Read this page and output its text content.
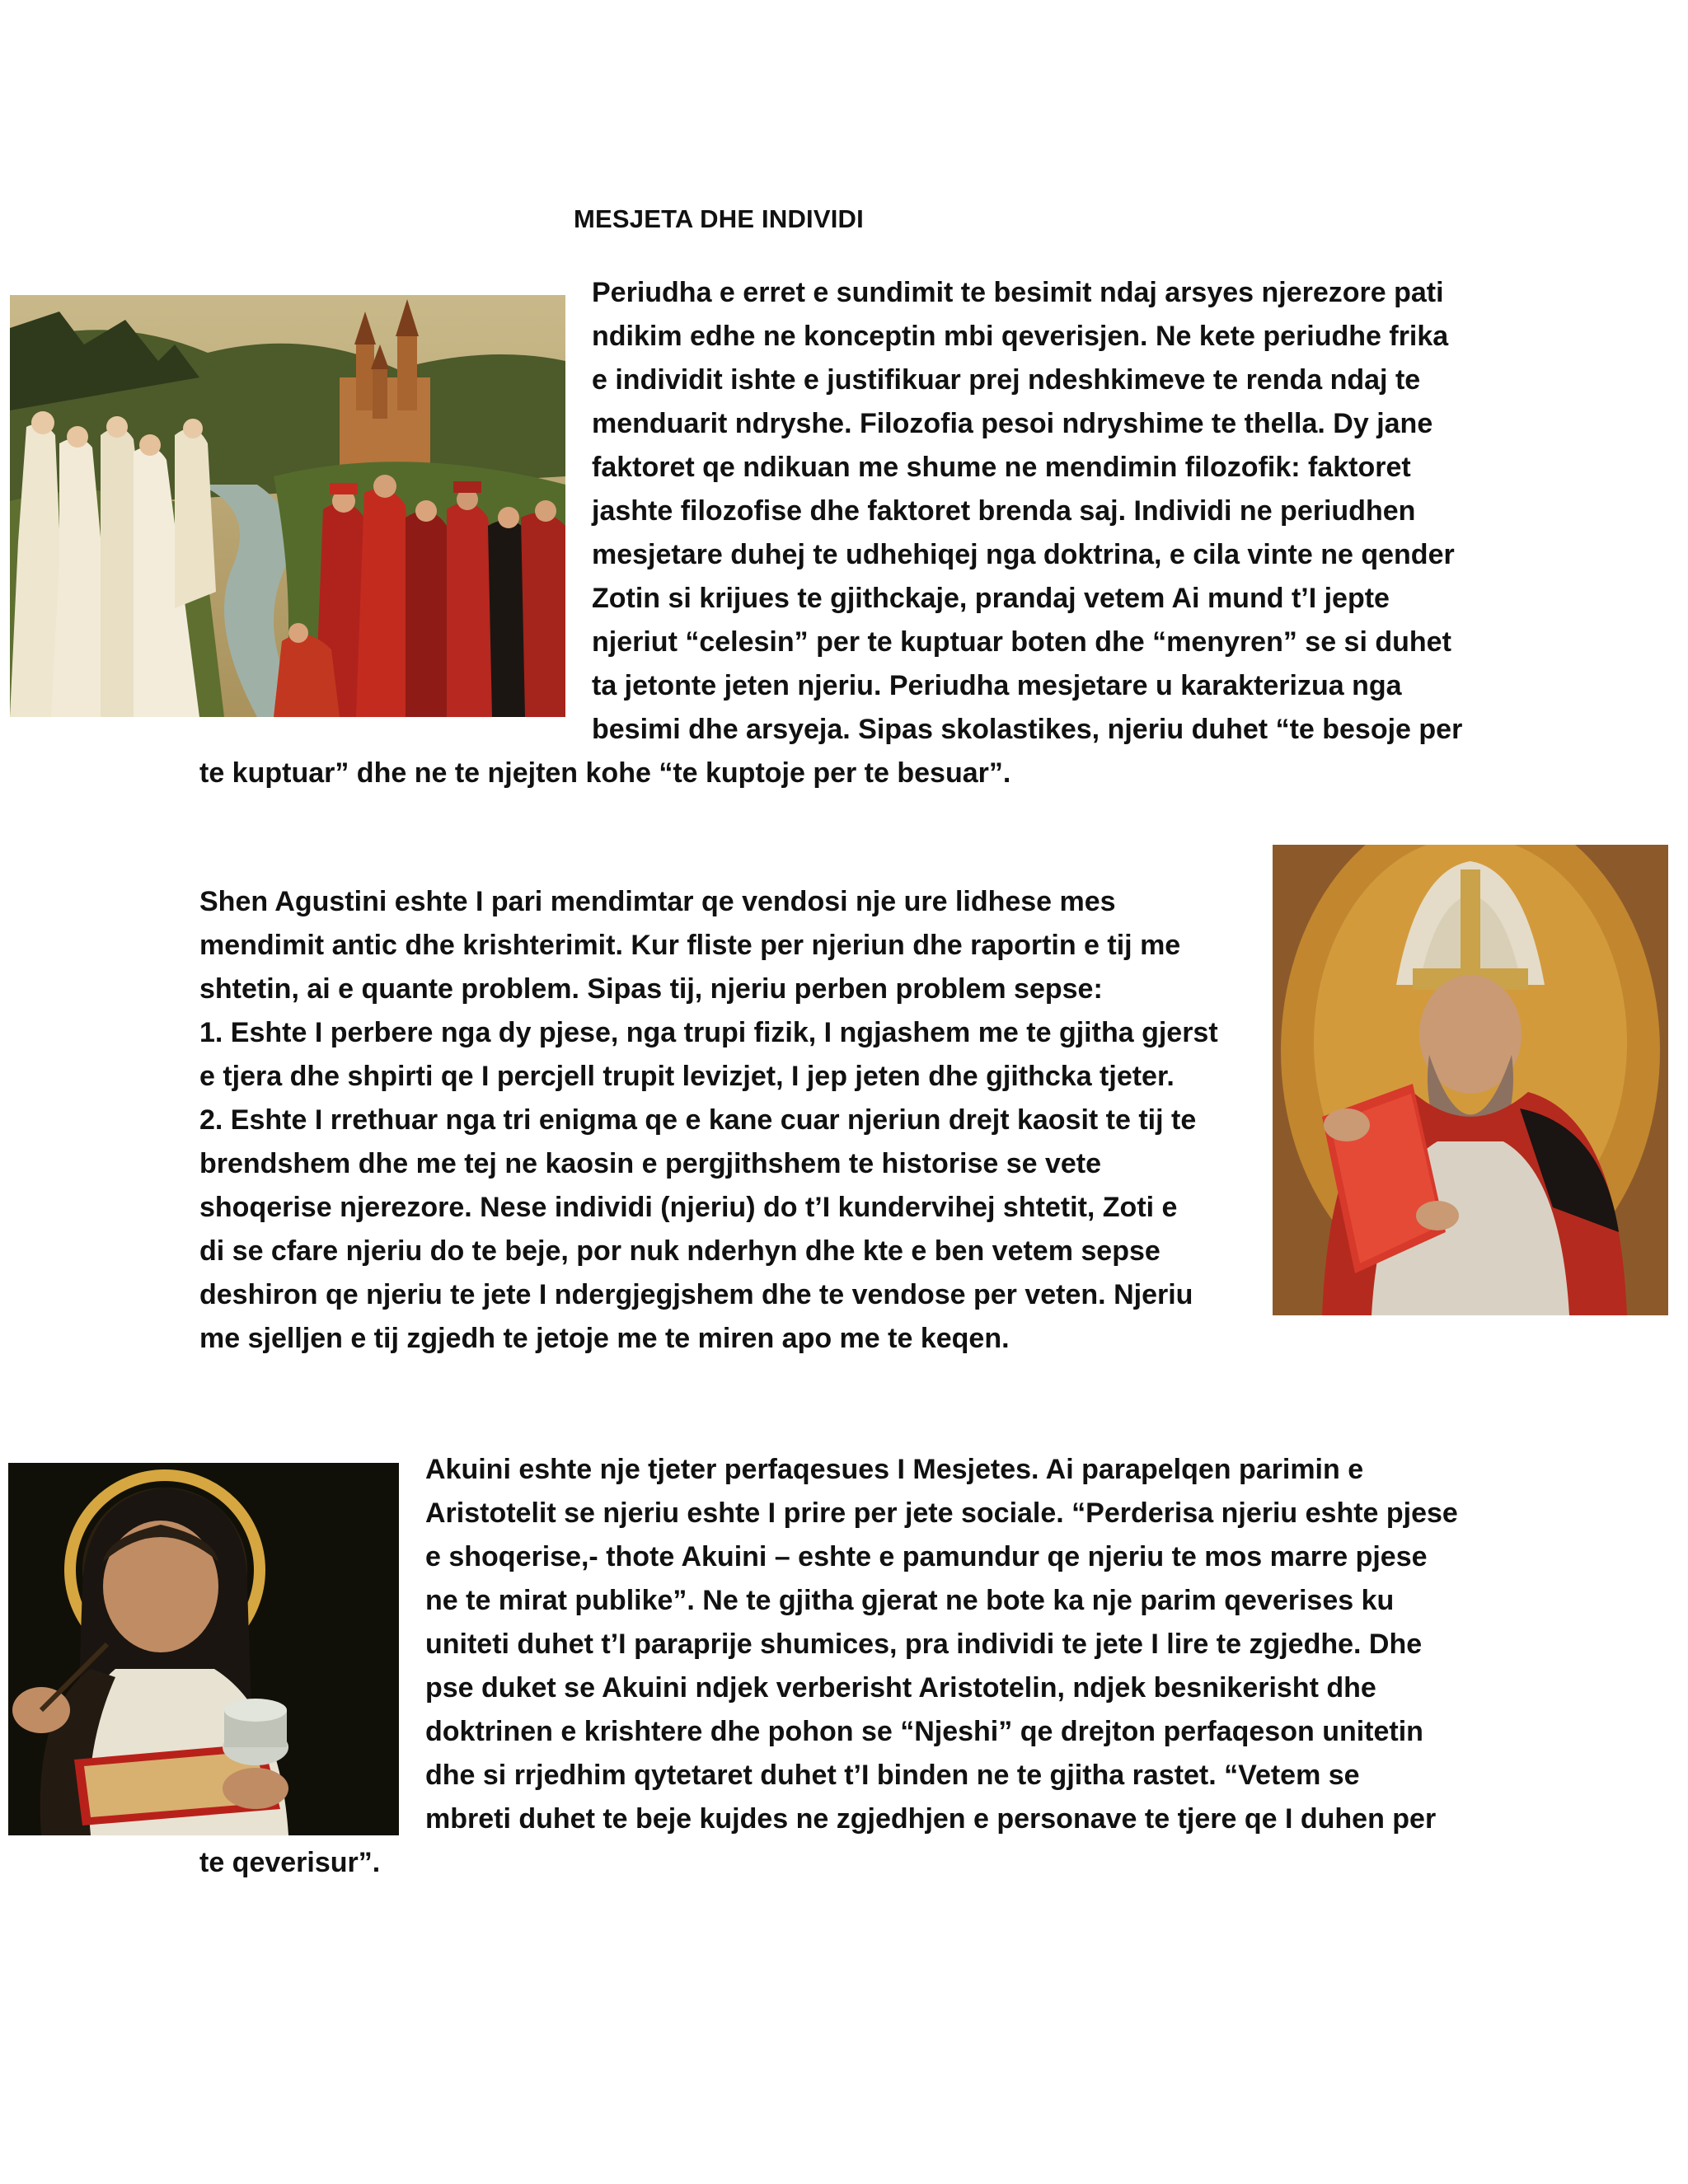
MESJETA DHE INDIVIDI
Periudha e erret e sundimit te besimit ndaj arsyes njerezore pati
ndikim edhe ne konceptin mbi qeverisjen. Ne kete periudhe frika
e individit ishte e justifikuar prej ndeshkimeve te renda ndaj te
menduarit ndryshe. Filozofia pesoi ndryshime te thella. Dy jane
faktoret qe ndikuan me shume ne mendimin filozofik: faktoret
jashte filozofise dhe faktoret brenda saj. Individi ne periudhen
mesjetare duhej te udhehiqej nga doktrina, e cila vinte ne qender
Zotin si krijues te gjithckaje, prandaj vetem Ai mund t’I jepte
njeriut “celesin” per te kuptuar boten dhe “menyren” se si duhet
ta jetonte jeten njeriu. Periudha mesjetare u karakterizua nga
besimi dhe arsyeja. Sipas skolastikes, njeriu duhet “te besoje per
te kuptuar” dhe ne te njejten kohe “te kuptoje per te besuar”.
Shen Agustini eshte I pari mendimtar qe vendosi nje ure lidhese mes
mendimit antic dhe krishterimit. Kur fliste per njeriun dhe raportin e tij me
shtetin, ai e quante problem. Sipas tij, njeriu perben problem sepse:
1. Eshte I perbere nga dy pjese, nga trupi fizik, I ngjashem me te gjitha gjerst
e tjera dhe shpirti qe I percjell trupit levizjet, I jep jeten dhe gjithcka tjeter.
2. Eshte I rrethuar nga tri enigma qe e kane cuar njeriun drejt kaosit te tij te
brendshem dhe me tej ne kaosin e pergjithshem te historise se vete
shoqerise njerezore. Nese individi (njeriu) do t’I kundervihej shtetit, Zoti e
di se cfare njeriu do te beje, por nuk nderhyn dhe kte e ben vetem sepse
deshiron qe njeriu te jete I ndergjegjshem dhe te vendose per veten. Njeriu
me sjelljen e tij zgjedh te jetoje me te miren apo me te keqen.
Akuini eshte nje tjeter perfaqesues I Mesjetes. Ai parapelqen parimin e
Aristotelit se njeriu eshte I prire per jete sociale. “Perderisa njeriu eshte pjese
e shoqerise,- thote Akuini – eshte e pamundur qe njeriu te mos marre pjese
ne te mirat publike”. Ne te gjitha gjerat ne bote ka nje parim qeverises ku
uniteti duhet t’I paraprije shumices, pra individi te jete I lire te zgjedhe. Dhe
pse duket se Akuini ndjek verberisht Aristotelin, ndjek besnikerisht dhe
doktrinen e krishtere dhe pohon se “Njeshi” qe drejton perfaqeson unitetin
dhe si rrjedhim qytetaret duhet t’I binden ne te gjitha rastet. “Vetem se
mbreti duhet te beje kujdes ne zgjedhjen e personave te tjere qe I duhen per
te qeverisur”.
